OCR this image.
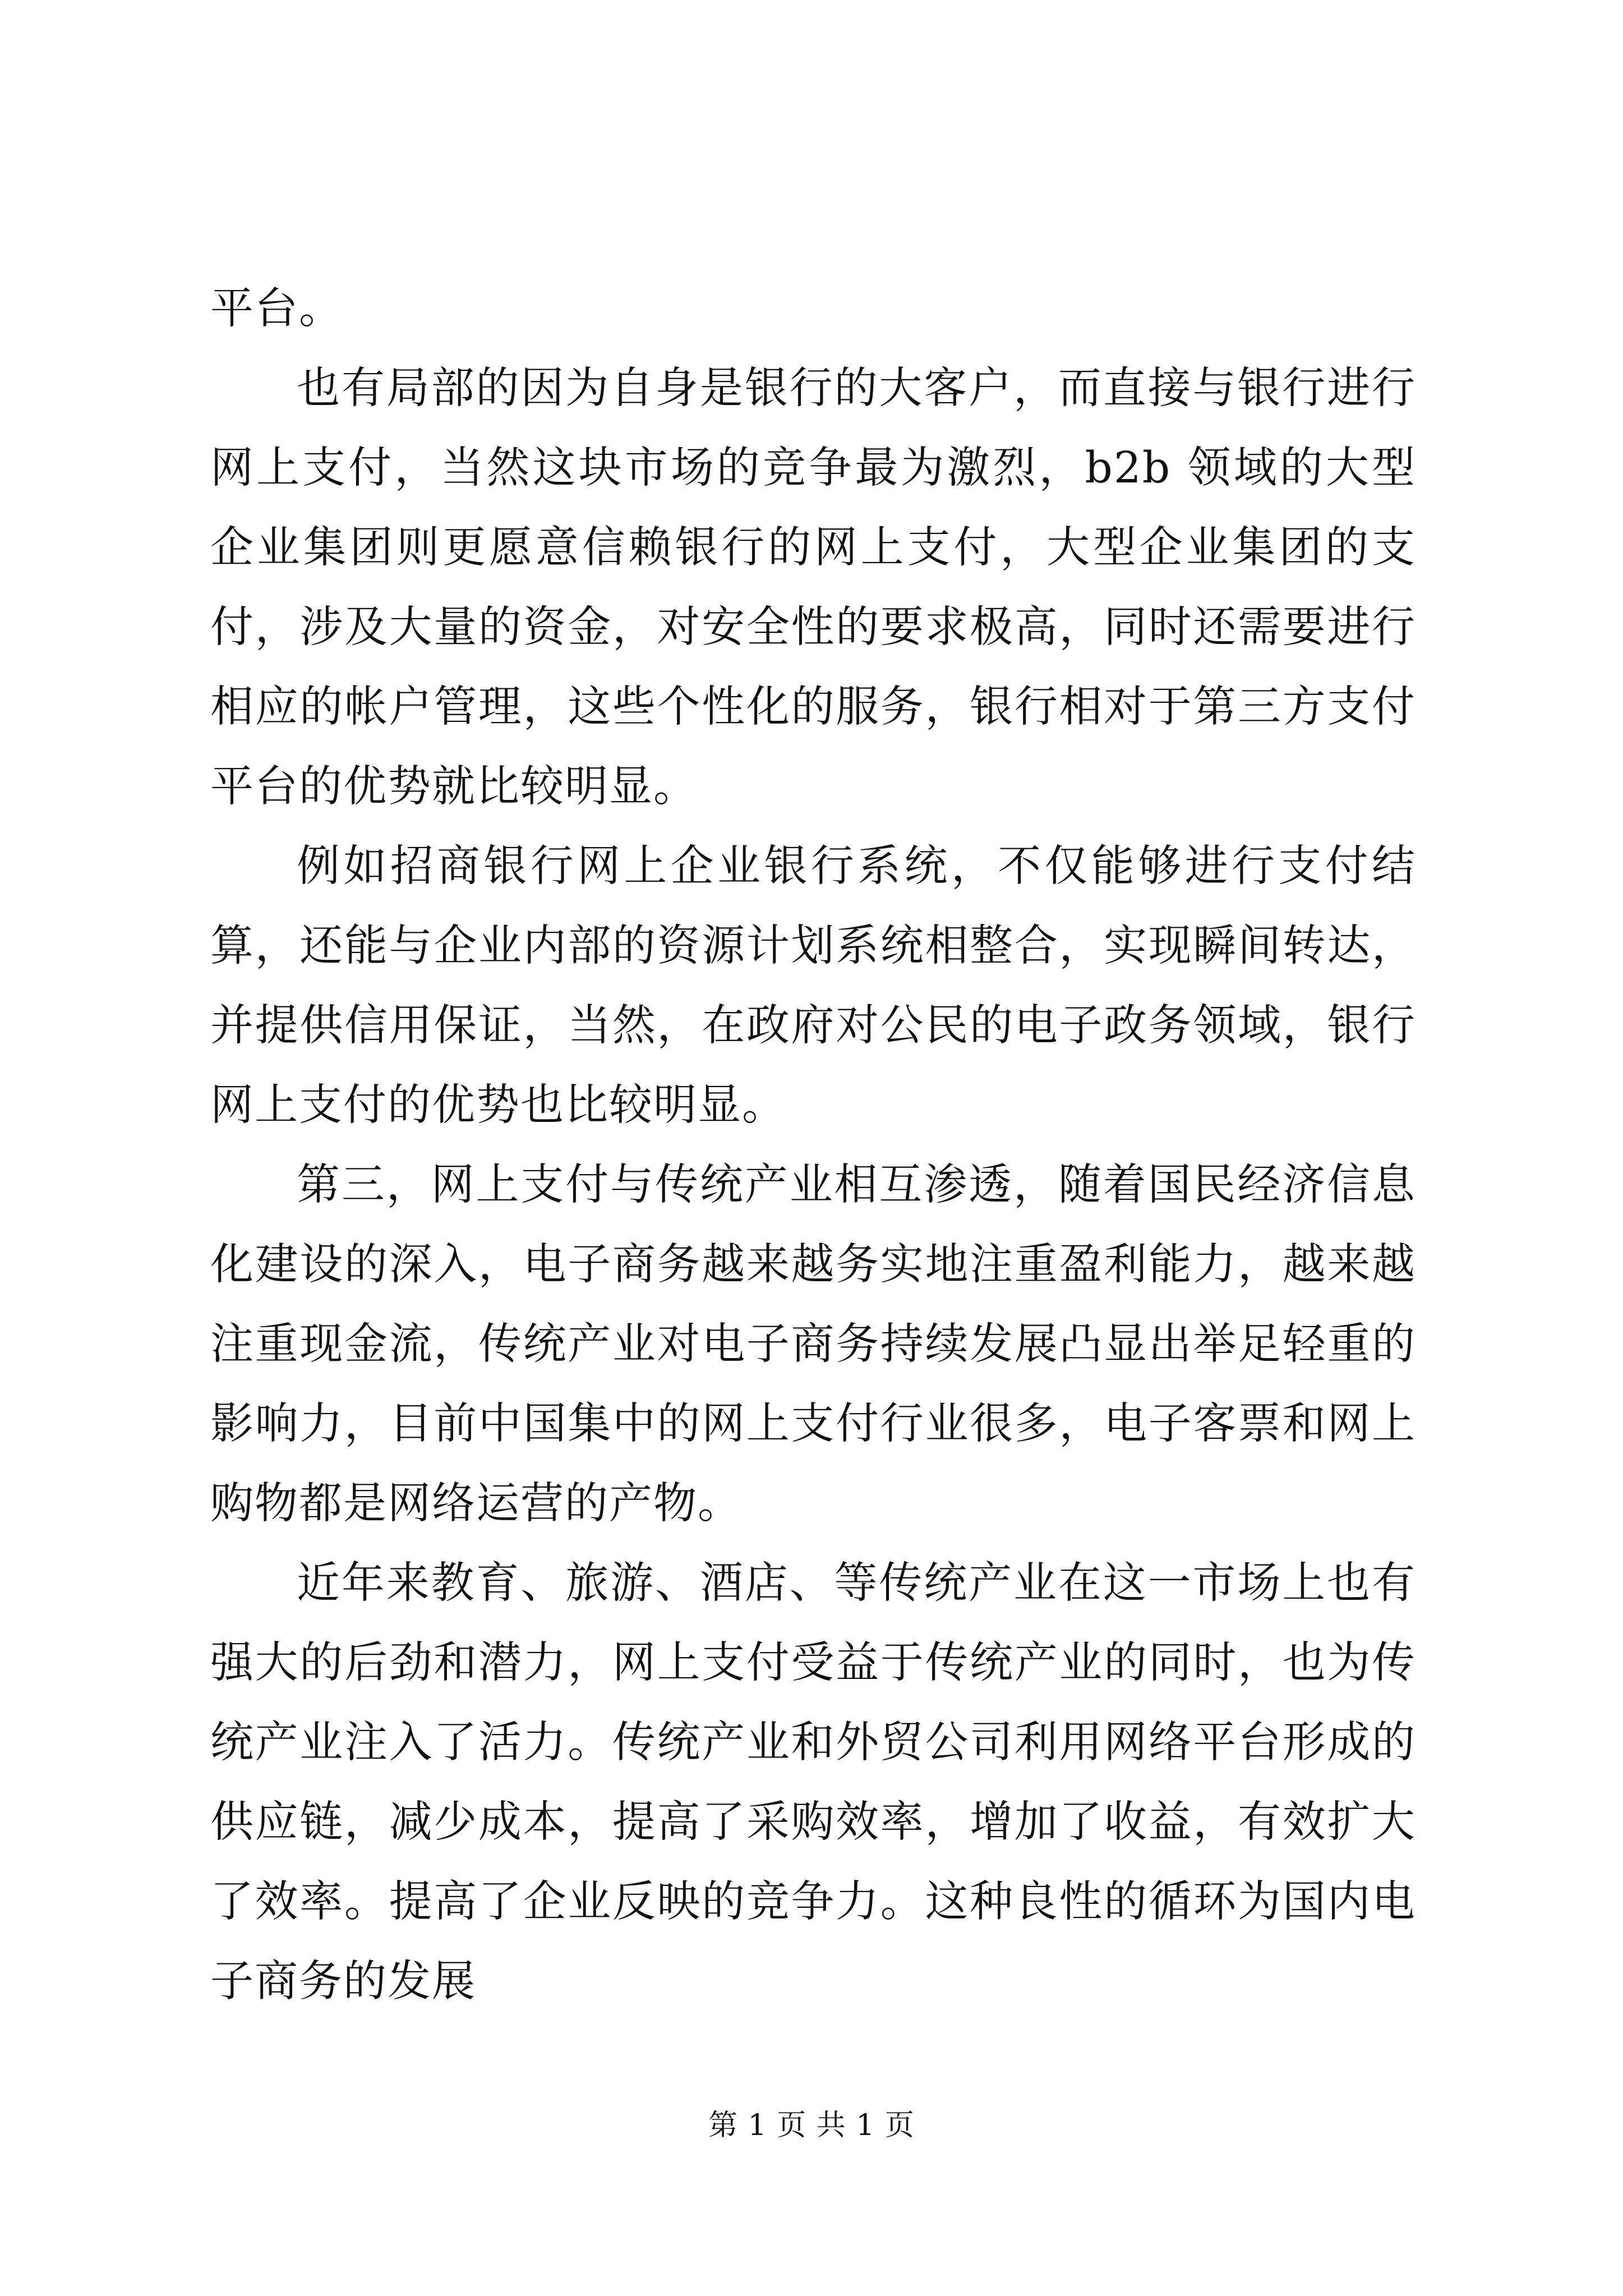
平台。

也有局部的因为自身是银行的大客户，而直接与银行进行网上支付，当然这块市场的竞争最为激烈，b2b 领域的大型企业集团则更愿意信赖银行的网上支付，大型企业集团的支付，涉及大量的资金，对安全性的要求极高，同时还需要进行相应的帐户管理，这些个性化的服务，银行相对于第三方支付平台的优势就比较明显。

例如招商银行网上企业银行系统，不仅能够进行支付结算，还能与企业内部的资源计划系统相整合，实现瞬间转达，并提供信用保证，当然，在政府对公民的电子政务领域，银行网上支付的优势也比较明显。

第三，网上支付与传统产业相互渗透，随着国民经济信息化建设的深入，电子商务越来越务实地注重盈利能力，越来越注重现金流，传统产业对电子商务持续发展凸显出举足轻重的影响力，目前中国集中的网上支付行业很多，电子客票和网上购物都是网络运营的产物。

近年来教育、旅游、酒店、等传统产业在这一市场上也有强大的后劲和潜力，网上支付受益于传统产业的同时，也为传统产业注入了活力。传统产业和外贸公司利用网络平台形成的供应链，减少成本，提高了采购效率，增加了收益，有效扩大了效率。提高了企业反映的竞争力。这种良性的循环为国内电子商务的发展

第 1 页 共 1 页
